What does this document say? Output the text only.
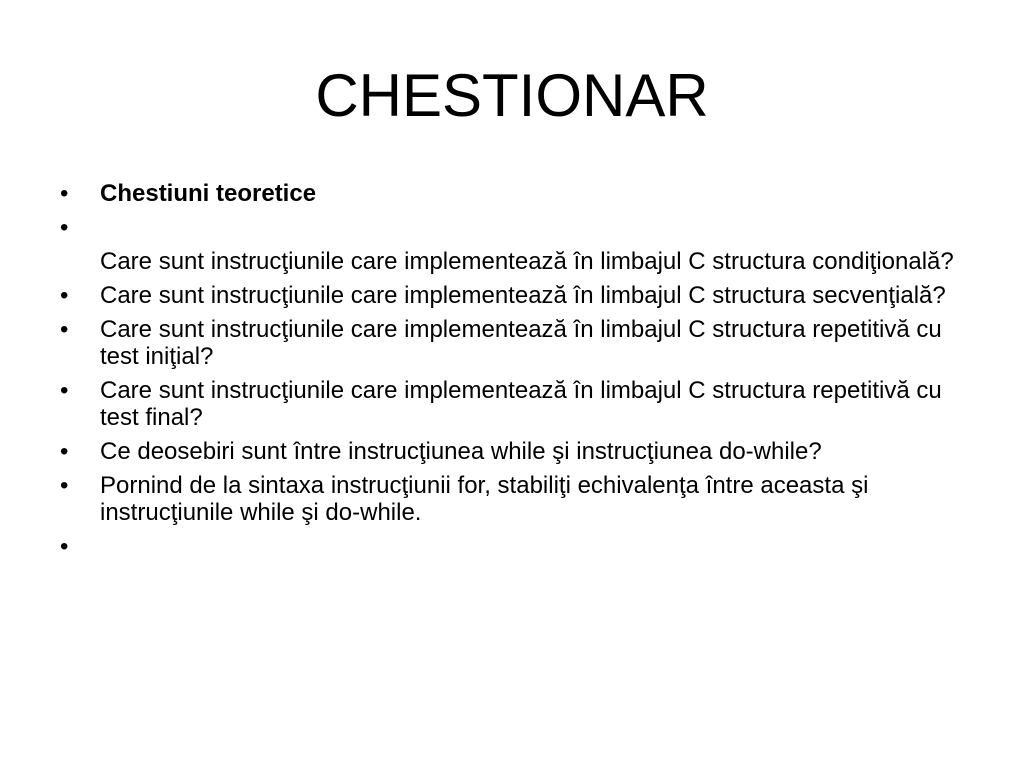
CHESTIONAR
•	Chestiuni teoretice
•
Care sunt instrucţiunile care implementează în limbajul C structura condiţională?
•	Care sunt instrucţiunile care implementează în limbajul C structura secvenţială?
•	Care sunt instrucţiunile care implementează în limbajul C structura repetitivă cu test iniţial?
•	Care sunt instrucţiunile care implementează în limbajul C structura repetitivă cu test final?
•	Ce deosebiri sunt între instrucţiunea while şi instrucţiunea do-while?
•	Pornind de la sintaxa instrucţiunii for, stabiliţi echivalenţa între aceasta şi instrucţiunile while şi do-while.
•
